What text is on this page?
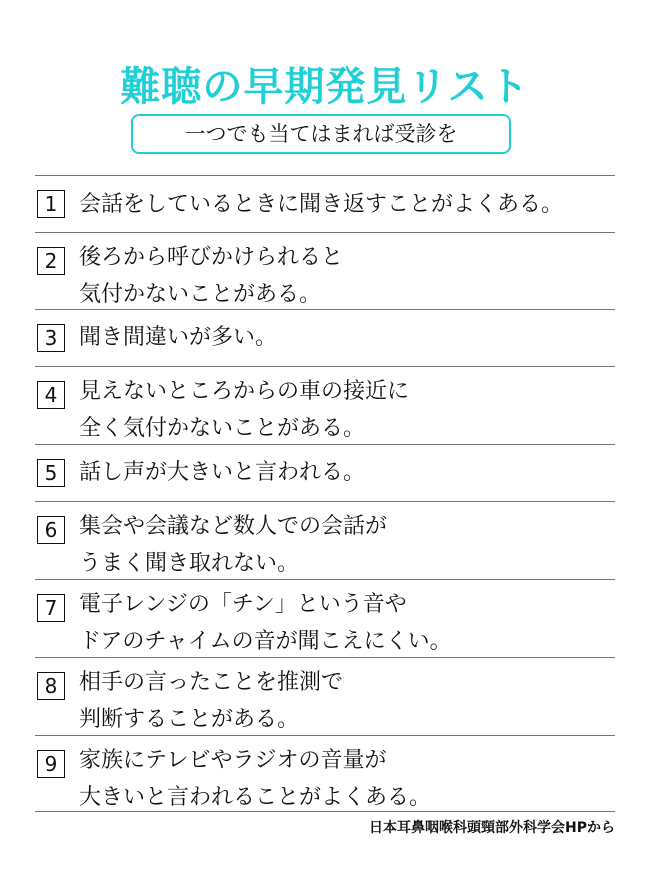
難聴の早期発見リスト
一つでも当てはまれば受診を
1 会話をしているときに聞き返すことがよくある。
2 後ろから呼びかけられると
気付かないことがある。
3 聞き間違いが多い。
4 見えないところからの車の接近に
全く気付かないことがある。
5 話し声が大きいと言われる。
6 集会や会議など数人での会話が
うまく聞き取れない。
7 電子レンジの「チン」という音や
ドアのチャイムの音が聞こえにくい。
8 相手の言ったことを推測で
判断することがある。
9 家族にテレビやラジオの音量が
大きいと言われることがよくある。
日本耳鼻咽喉科頭頸部外科学会HPから
